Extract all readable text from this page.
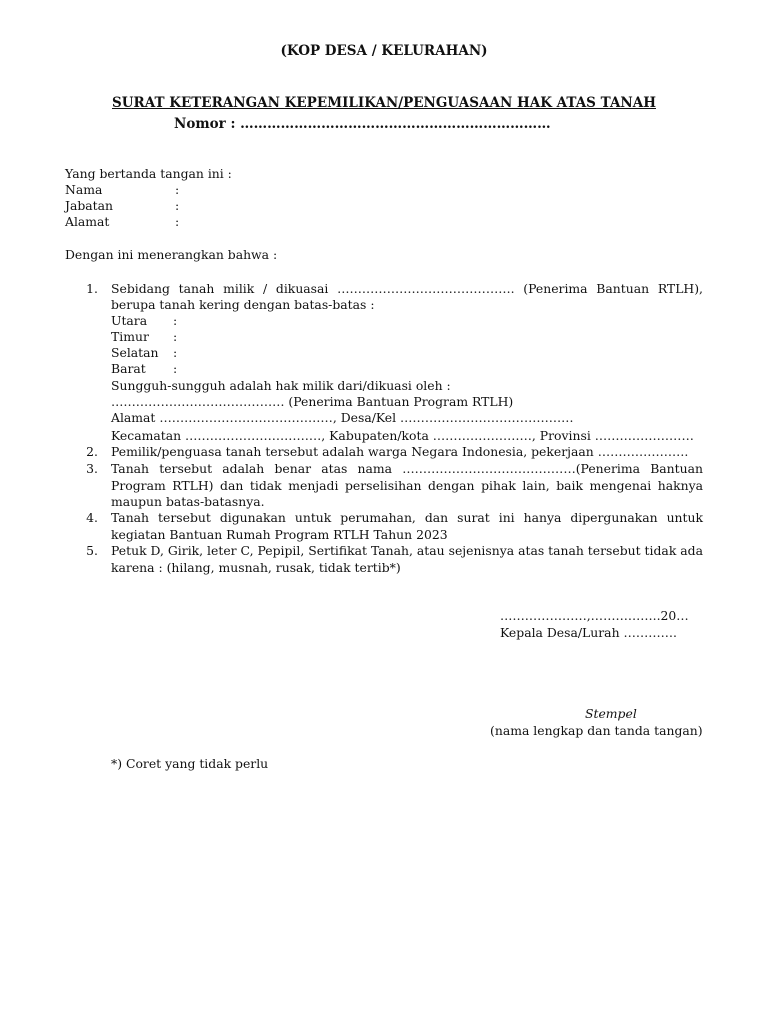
(KOP DESA / KELURAHAN)
SURAT KETERANGAN KEPEMILIKAN/PENGUASAAN HAK ATAS TANAH
Nomor : ……………………………………………………………
Yang bertanda tangan ini :
Nama	:
Jabatan	:
Alamat	:
Dengan ini menerangkan bahwa :
1. Sebidang tanah milik / dikuasai ……………………………………. (Penerima Bantuan RTLH),
berupa tanah kering dengan batas-batas :
Utara :
Timur :
Selatan :
Barat :
Sungguh-sungguh adalah hak milik dari/dikuasi oleh :
…………………………………… (Penerima Bantuan Program RTLH)
Alamat ……………………………………, Desa/Kel ……………………………………
Kecamatan ……………………………, Kabupaten/kota ……………………, Provinsi ……………………
2. Pemilik/penguasa tanah tersebut adalah warga Negara Indonesia, pekerjaan ………………….
3. Tanah tersebut adalah benar atas nama ……………………………………(Penerima Bantuan Program RTLH) dan tidak menjadi perselisihan dengan pihak lain, baik mengenai haknya maupun batas-batasnya.
4. Tanah tersebut digunakan untuk perumahan, dan surat ini hanya dipergunakan untuk kegiatan Bantuan Rumah Program RTLH Tahun 2023
5. Petuk D, Girik, leter C, Pepipil, Sertifikat Tanah, atau sejenisnya atas tanah tersebut tidak ada karena : (hilang, musnah, rusak, tidak tertib*)
…………………,……………..20…
Kepala Desa/Lurah ………….
Stempel
(nama lengkap dan tanda tangan)
*) Coret yang tidak perlu
